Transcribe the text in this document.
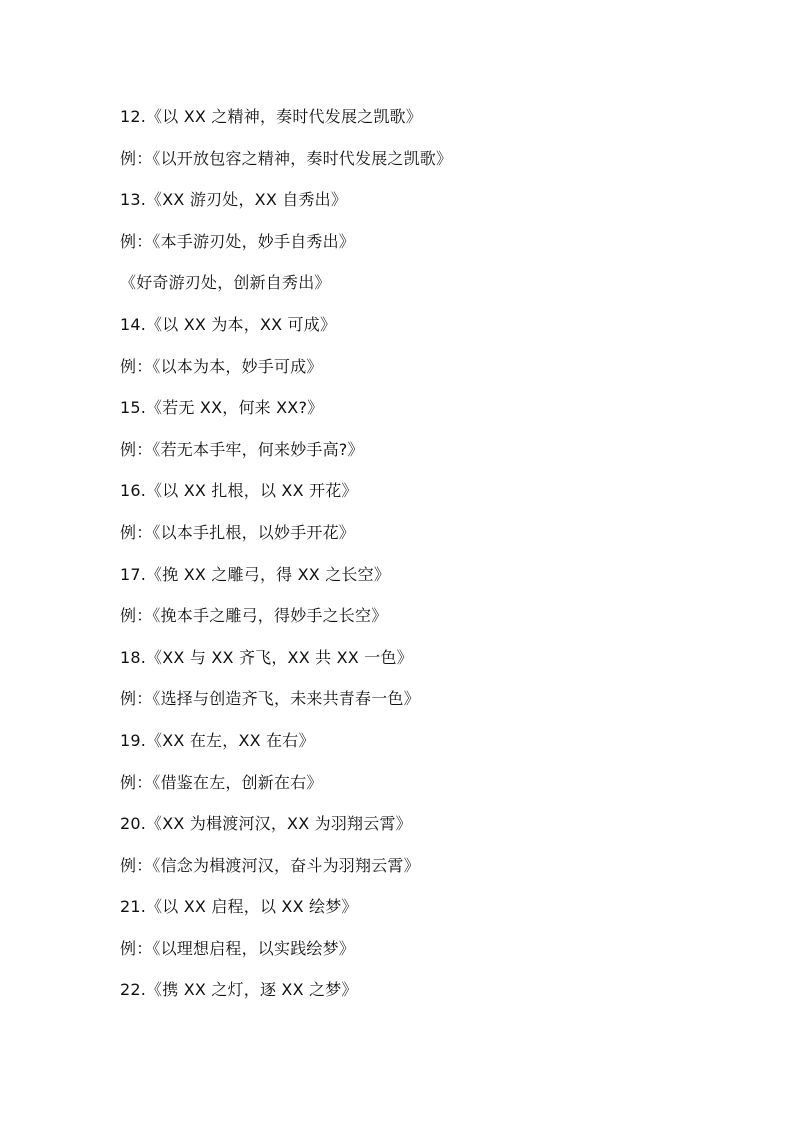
12.《以 XX 之精神，奏时代发展之凯歌》
例：《以开放包容之精神，奏时代发展之凯歌》
13.《XX 游刃处，XX 自秀出》
例：《本手游刃处，妙手自秀出》
《好奇游刃处，创新自秀出》
14.《以 XX 为本，XX 可成》
例：《以本为本，妙手可成》
15.《若无 XX，何来 XX?》
例：《若无本手牢，何来妙手高?》
16.《以 XX 扎根，以 XX 开花》
例：《以本手扎根，以妙手开花》
17.《挽 XX 之雕弓，得 XX 之长空》
例：《挽本手之雕弓，得妙手之长空》
18.《XX 与 XX 齐飞，XX 共 XX 一色》
例：《选择与创造齐飞，未来共青春一色》
19.《XX 在左，XX 在右》
例：《借鉴在左，创新在右》
20.《XX 为楫渡河汉，XX 为羽翔云霄》
例：《信念为楫渡河汉，奋斗为羽翔云霄》
21.《以 XX 启程，以 XX 绘梦》
例：《以理想启程，以实践绘梦》
22.《携 XX 之灯，逐 XX 之梦》
